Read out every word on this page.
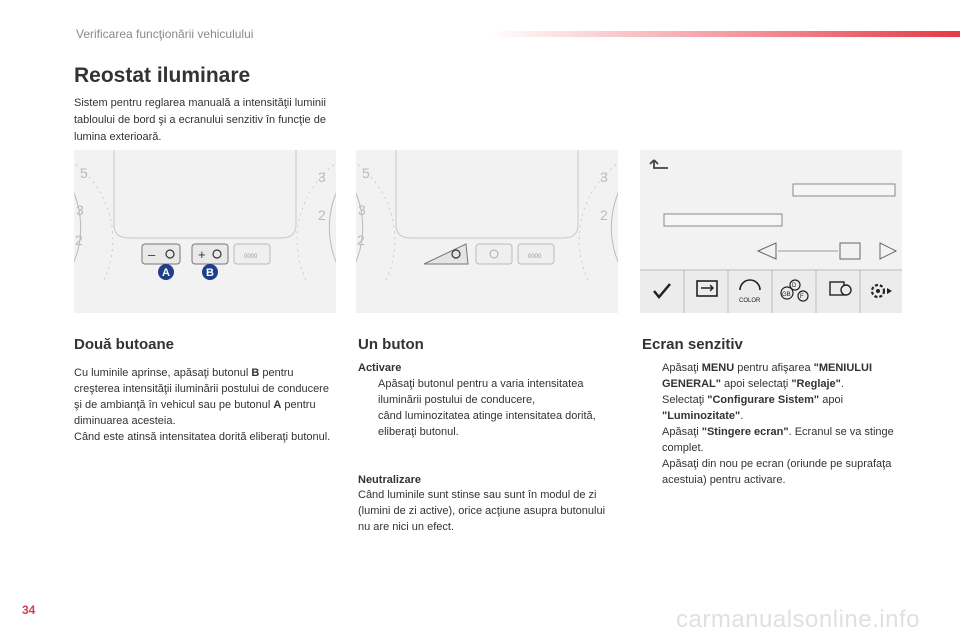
Verificarea funcţionării vehiculului
Reostat iluminare
Sistem pentru reglarea manuală a intensităţii luminii tabloului de bord şi a ecranului senzitiv în funcţie de lumina exterioară.
5
3
2
3
2
–	+	0000
A	B
5
3
2
3
2
0000
COLOR
GB
D
F
Două butoane
Cu luminile aprinse, apăsaţi butonul B pentru creşterea intensităţii iluminării postului de conducere şi de ambianţă în vehicul sau pe butonul A pentru diminuarea acesteia.
Când este atinsă intensitatea dorită eliberaţi butonul.
Un buton
Activare
Apăsaţi butonul pentru a varia intensitatea iluminării postului de conducere,
când luminozitatea atinge intensitatea dorită, eliberaţi butonul.
Neutralizare
Când luminile sunt stinse sau sunt în modul de zi (lumini de zi active), orice acţiune asupra butonului nu are nici un efect.
Ecran senzitiv
Apăsaţi MENU pentru afişarea "MENIULUI GENERAL" apoi selectaţi "Reglaje".
Selectaţi "Configurare Sistem" apoi "Luminozitate".
Apăsaţi "Stingere ecran". Ecranul se va stinge complet.
Apăsaţi din nou pe ecran (oriunde pe suprafaţa acestuia) pentru activare.
34	carmanualsonline.info
